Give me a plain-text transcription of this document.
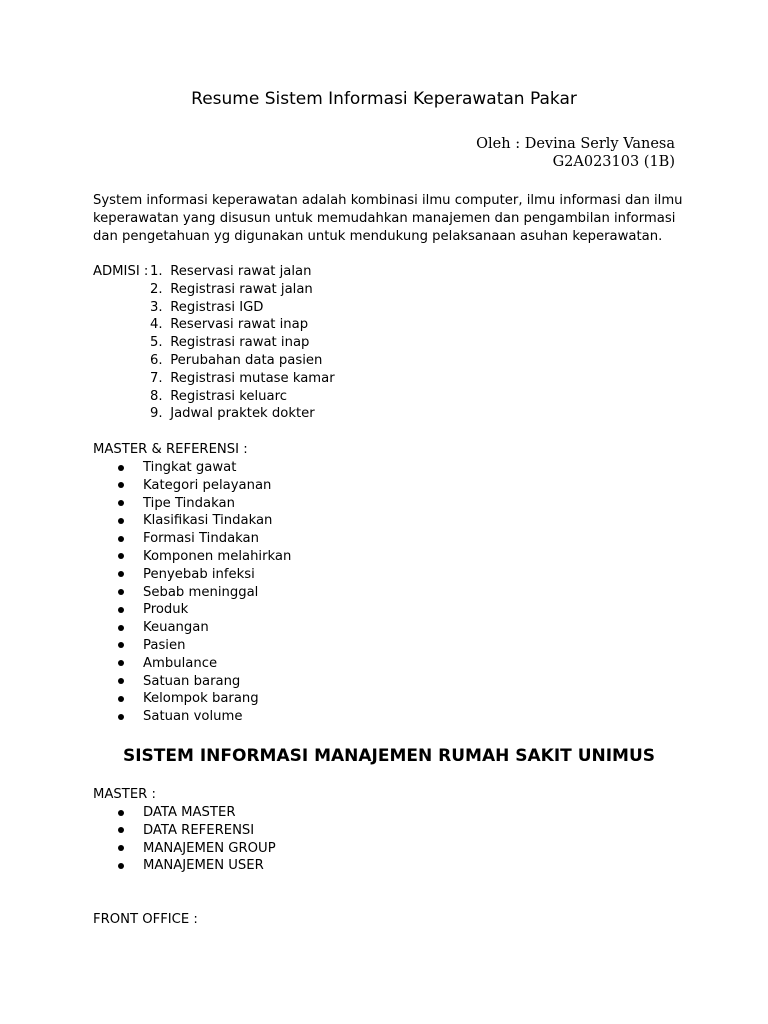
Resume Sistem Informasi Keperawatan Pakar
Oleh : Devina Serly Vanesa
G2A023103 (1B)

System informasi keperawatan adalah kombinasi ilmu computer, ilmu informasi dan ilmu keperawatan yang disusun untuk memudahkan manajemen dan pengambilan informasi dan pengetahuan yg digunakan untuk mendukung pelaksanaan asuhan keperawatan.

ADMISI : 1.
Reservasi rawat jalan
2.
Registrasi rawat jalan
3.
Registrasi IGD
4.
Reservasi rawat inap
5.
Registrasi rawat inap
6.
Perubahan data pasien
7.
Registrasi mutase kamar
8.
Registrasi keluarc
9.
Jadwal praktek dokter
MASTER & REFERENSI :
Tingkat gawat
Kategori pelayanan
Tipe Tindakan
Klasifikasi Tindakan
Formasi Tindakan
Komponen melahirkan
Penyebab infeksi
Sebab meninggal
Produk
Keuangan
Pasien
Ambulance
Satuan barang
Kelompok barang
Satuan volume
SISTEM INFORMASI MANAJEMEN RUMAH SAKIT UNIMUS
MASTER :
DATA MASTER
DATA REFERENSI
MANAJEMEN GROUP
MANAJEMEN USER
FRONT OFFICE :
